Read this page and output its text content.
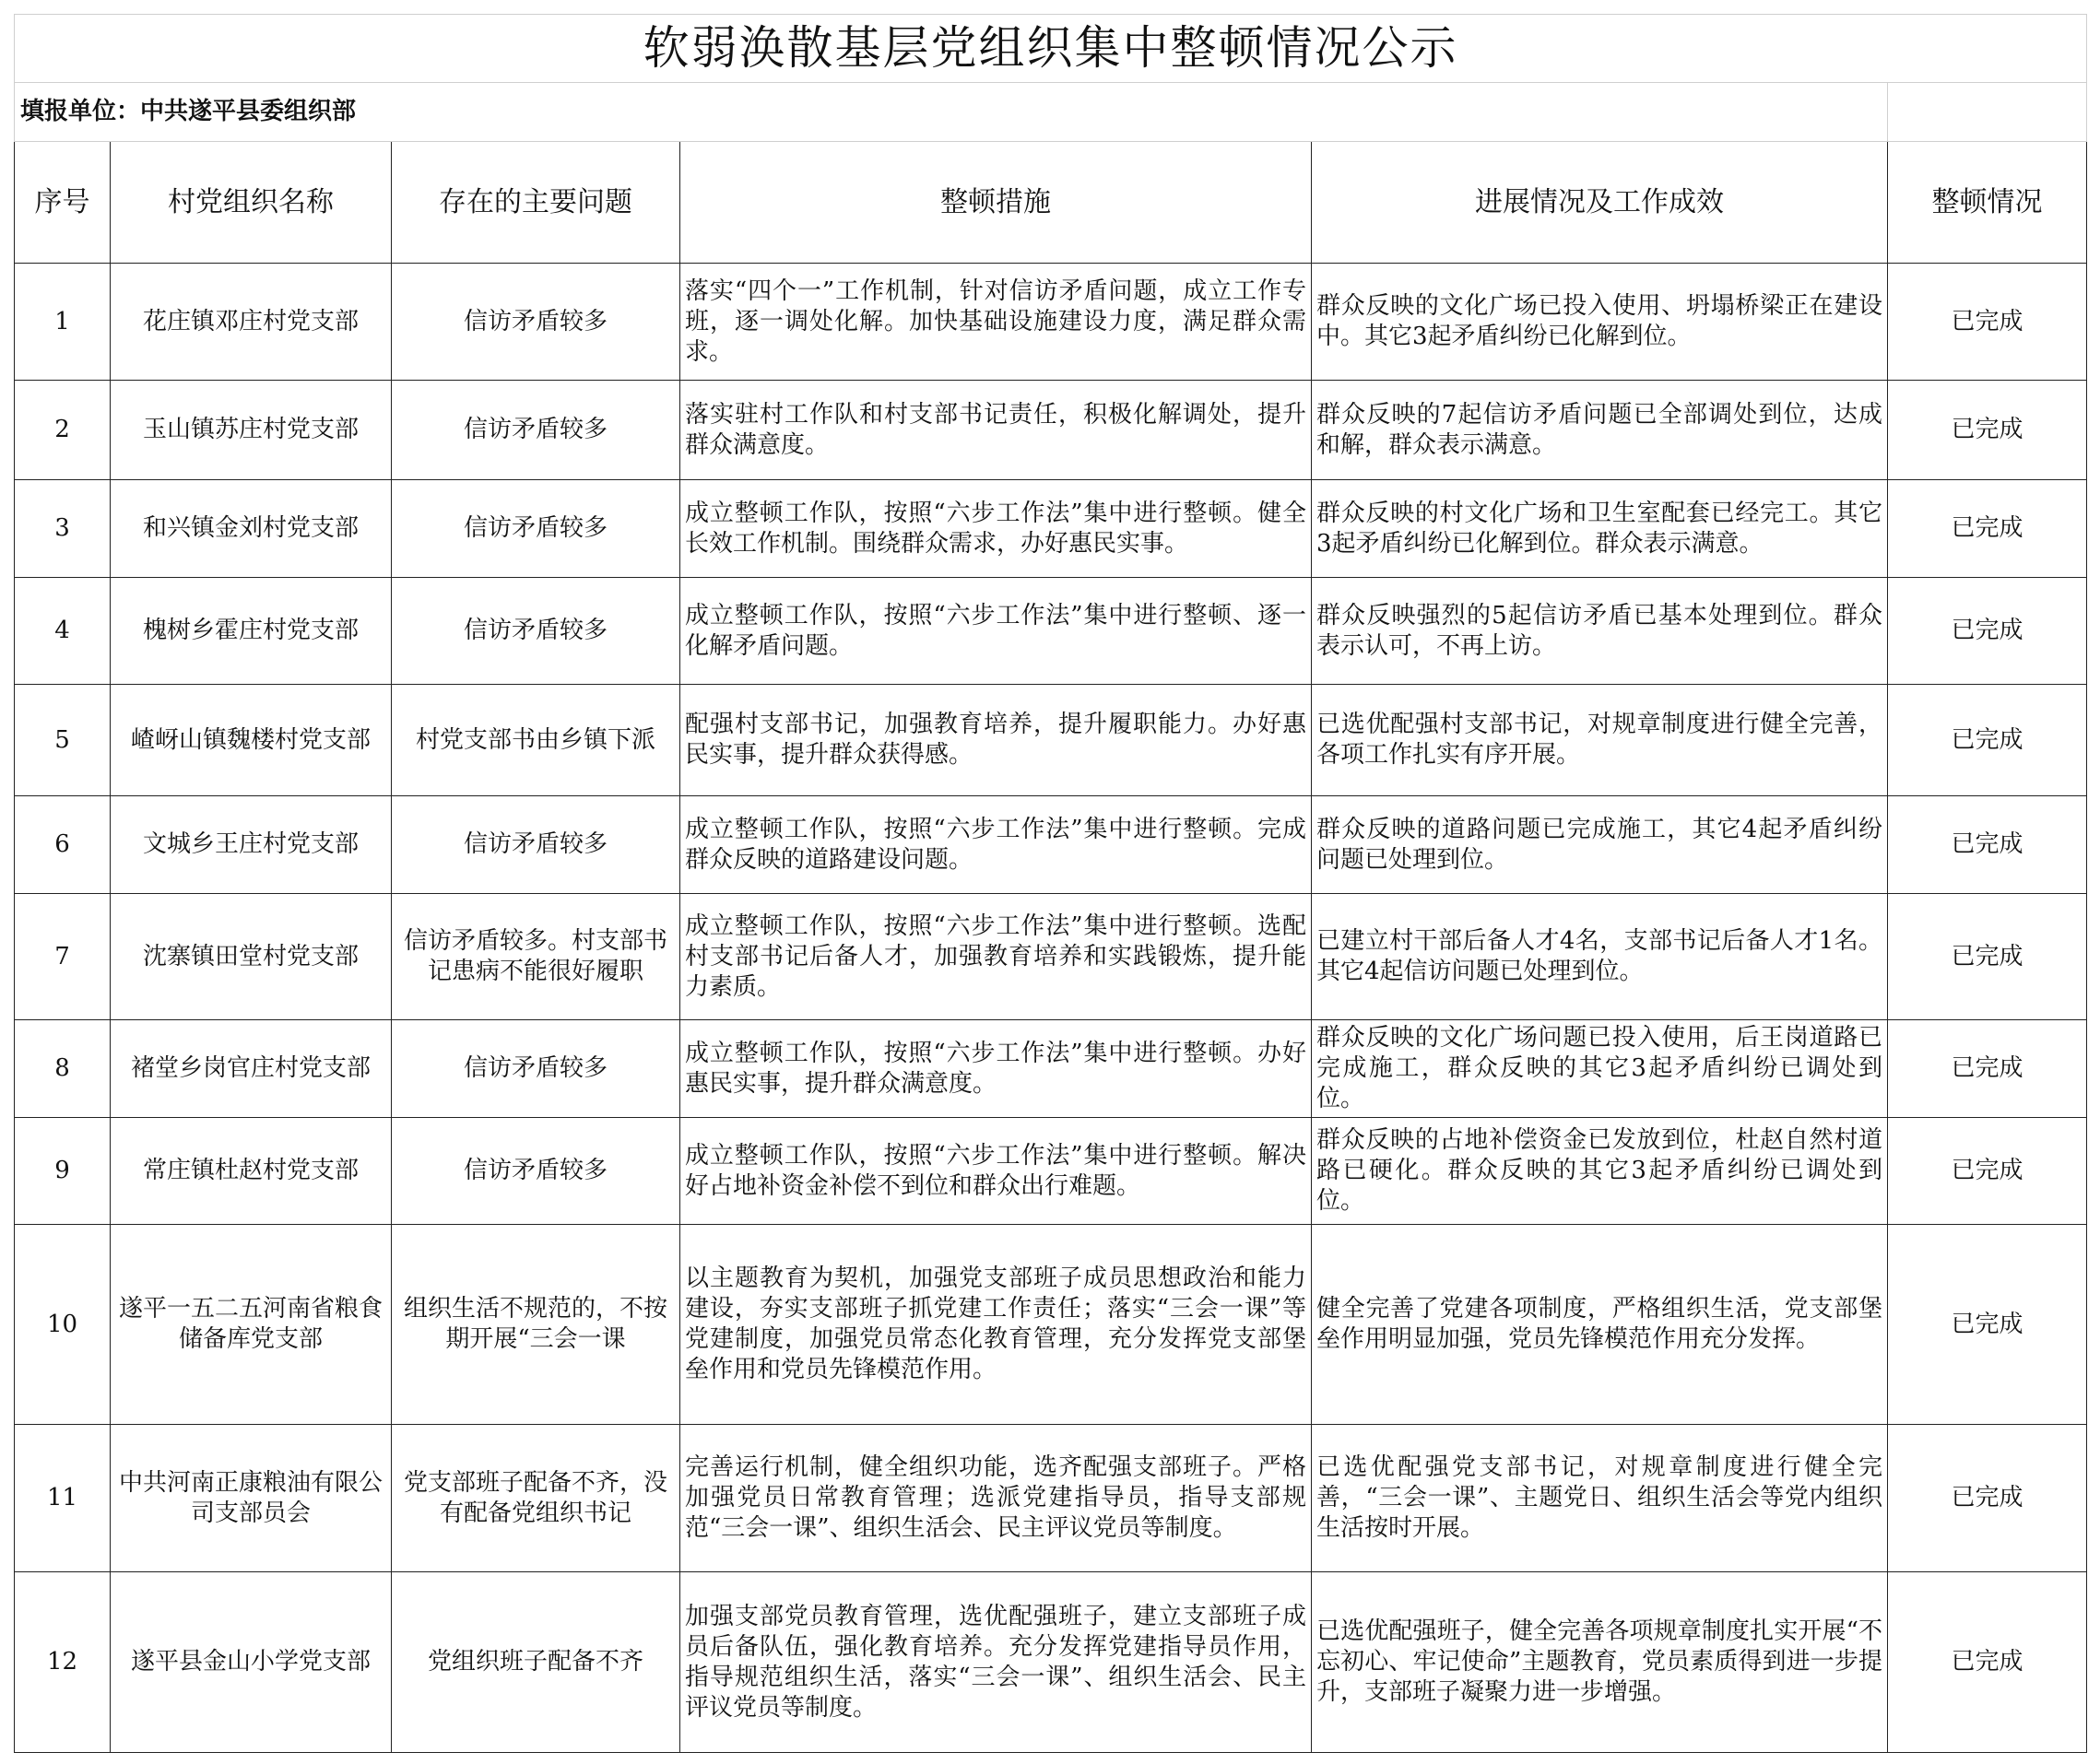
软弱涣散基层党组织集中整顿情况公示					
填报单位：中共遂平县委组织部					
序号	村党组织名称	存在的主要问题	整顿措施	进展情况及工作成效	整顿情况
1	花庄镇邓庄村党支部	信访矛盾较多	落实“四个一”工作机制，针对信访矛盾问题，成立工作专班，逐一调处化解。加快基础设施建设力度，满足群众需求。	群众反映的文化广场已投入使用、坍塌桥梁正在建设中。其它3起矛盾纠纷已化解到位。	已完成
2	玉山镇苏庄村党支部	信访矛盾较多	落实驻村工作队和村支部书记责任，积极化解调处，提升群众满意度。	群众反映的7起信访矛盾问题已全部调处到位，达成和解，群众表示满意。	已完成
3	和兴镇金刘村党支部	信访矛盾较多	成立整顿工作队，按照“六步工作法”集中进行整顿。健全长效工作机制。围绕群众需求，办好惠民实事。	群众反映的村文化广场和卫生室配套已经完工。其它3起矛盾纠纷已化解到位。群众表示满意。	已完成
4	槐树乡霍庄村党支部	信访矛盾较多	成立整顿工作队，按照“六步工作法”集中进行整顿、逐一化解矛盾问题。	群众反映强烈的5起信访矛盾已基本处理到位。群众表示认可，不再上访。	已完成
5	嵖岈山镇魏楼村党支部	村党支部书由乡镇下派	配强村支部书记，加强教育培养，提升履职能力。办好惠民实事，提升群众获得感。	已选优配强村支部书记，对规章制度进行健全完善，各项工作扎实有序开展。	已完成
6	文城乡王庄村党支部	信访矛盾较多	成立整顿工作队，按照“六步工作法”集中进行整顿。完成群众反映的道路建设问题。	群众反映的道路问题已完成施工，其它4起矛盾纠纷问题已处理到位。	已完成
7	沈寨镇田堂村党支部	信访矛盾较多。村支部书记患病不能很好履职	成立整顿工作队，按照“六步工作法”集中进行整顿。选配村支部书记后备人才，加强教育培养和实践锻炼，提升能力素质。	已建立村干部后备人才4名，支部书记后备人才1名。其它4起信访问题已处理到位。	已完成
8	褚堂乡岗官庄村党支部	信访矛盾较多	成立整顿工作队，按照“六步工作法”集中进行整顿。办好惠民实事，提升群众满意度。	群众反映的文化广场问题已投入使用，后王岗道路已完成施工，群众反映的其它3起矛盾纠纷已调处到位。	已完成
9	常庄镇杜赵村党支部	信访矛盾较多	成立整顿工作队，按照“六步工作法”集中进行整顿。解决好占地补资金补偿不到位和群众出行难题。	群众反映的占地补偿资金已发放到位，杜赵自然村道路已硬化。群众反映的其它3起矛盾纠纷已调处到位。	已完成
10	遂平一五二五河南省粮食储备库党支部	组织生活不规范的，不按期开展“三会一课	以主题教育为契机，加强党支部班子成员思想政治和能力建设，夯实支部班子抓党建工作责任；落实“三会一课”等党建制度，加强党员常态化教育管理，充分发挥党支部堡垒作用和党员先锋模范作用。	健全完善了党建各项制度，严格组织生活，党支部堡垒作用明显加强，党员先锋模范作用充分发挥。	已完成
11	中共河南正康粮油有限公司支部员会	党支部班子配备不齐，没有配备党组织书记	完善运行机制，健全组织功能，选齐配强支部班子。严格加强党员日常教育管理；选派党建指导员，指导支部规范“三会一课”、组织生活会、民主评议党员等制度。	已选优配强党支部书记，对规章制度进行健全完善，“三会一课”、主题党日、组织生活会等党内组织生活按时开展。	已完成
12	遂平县金山小学党支部	党组织班子配备不齐	加强支部党员教育管理，选优配强班子，建立支部班子成员后备队伍，强化教育培养。充分发挥党建指导员作用，指导规范组织生活，落实“三会一课”、组织生活会、民主评议党员等制度。	已选优配强班子，健全完善各项规章制度扎实开展“不忘初心、牢记使命”主题教育，党员素质得到进一步提升，支部班子凝聚力进一步增强。	已完成
